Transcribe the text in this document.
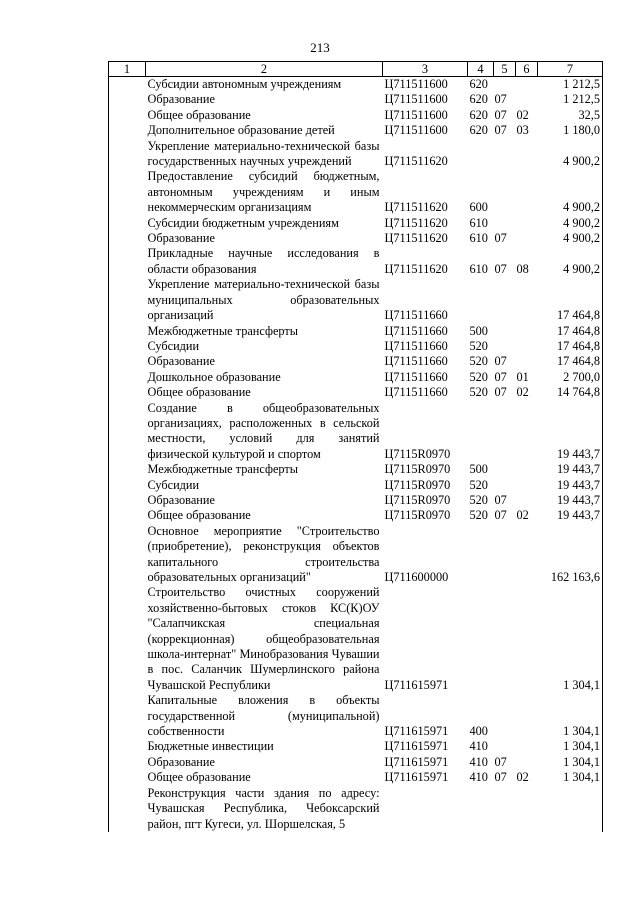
213
1	2	3	4	5	6	7
	Субсидии автономным учреждениям	Ц711511600	620			1 212,5
	Образование	Ц711511600	620	07		1 212,5
	Общее образование	Ц711511600	620	07	02	32,5
	Дополнительное образование детей	Ц711511600	620	07	03	1 180,0
	Укрепление материально-технической базы государственных научных учреждений	Ц711511620				4 900,2
	Предоставление субсидий бюджетным, автономным учреждениям и иным некоммерческим организациям	Ц711511620	600			4 900,2
	Субсидии бюджетным учреждениям	Ц711511620	610			4 900,2
	Образование	Ц711511620	610	07		4 900,2
	Прикладные научные исследования в области образования	Ц711511620	610	07	08	4 900,2
	Укрепление материально-технической базы муниципальных образовательных организаций	Ц711511660				17 464,8
	Межбюджетные трансферты	Ц711511660	500			17 464,8
	Субсидии	Ц711511660	520			17 464,8
	Образование	Ц711511660	520	07		17 464,8
	Дошкольное образование	Ц711511660	520	07	01	2 700,0
	Общее образование	Ц711511660	520	07	02	14 764,8
	Создание в общеобразовательных организациях, расположенных в сельской местности, условий для занятий физической культурой и спортом	Ц7115R0970				19 443,7
	Межбюджетные трансферты	Ц7115R0970	500			19 443,7
	Субсидии	Ц7115R0970	520			19 443,7
	Образование	Ц7115R0970	520	07		19 443,7
	Общее образование	Ц7115R0970	520	07	02	19 443,7
	Основное мероприятие "Строительство (приобретение), реконструкция объектов капитального строительства образовательных организаций"	Ц711600000				162 163,6
	Строительство очистных сооружений хозяйственно-бытовых стоков КС(К)ОУ "Салапчикская специальная (коррекционная) общеобразовательная школа-интернат" Минобразования Чувашии в пос. Саланчик Шумерлинского района Чувашской Республики	Ц711615971				1 304,1
	Капитальные вложения в объекты государственной (муниципальной) собственности	Ц711615971	400			1 304,1
	Бюджетные инвестиции	Ц711615971	410			1 304,1
	Образование	Ц711615971	410	07		1 304,1
	Общее образование	Ц711615971	410	07	02	1 304,1
	Реконструкция части здания по адресу: Чувашская Республика, Чебоксарский район, пгт Кугеси, ул. Шоршелская, 5					
